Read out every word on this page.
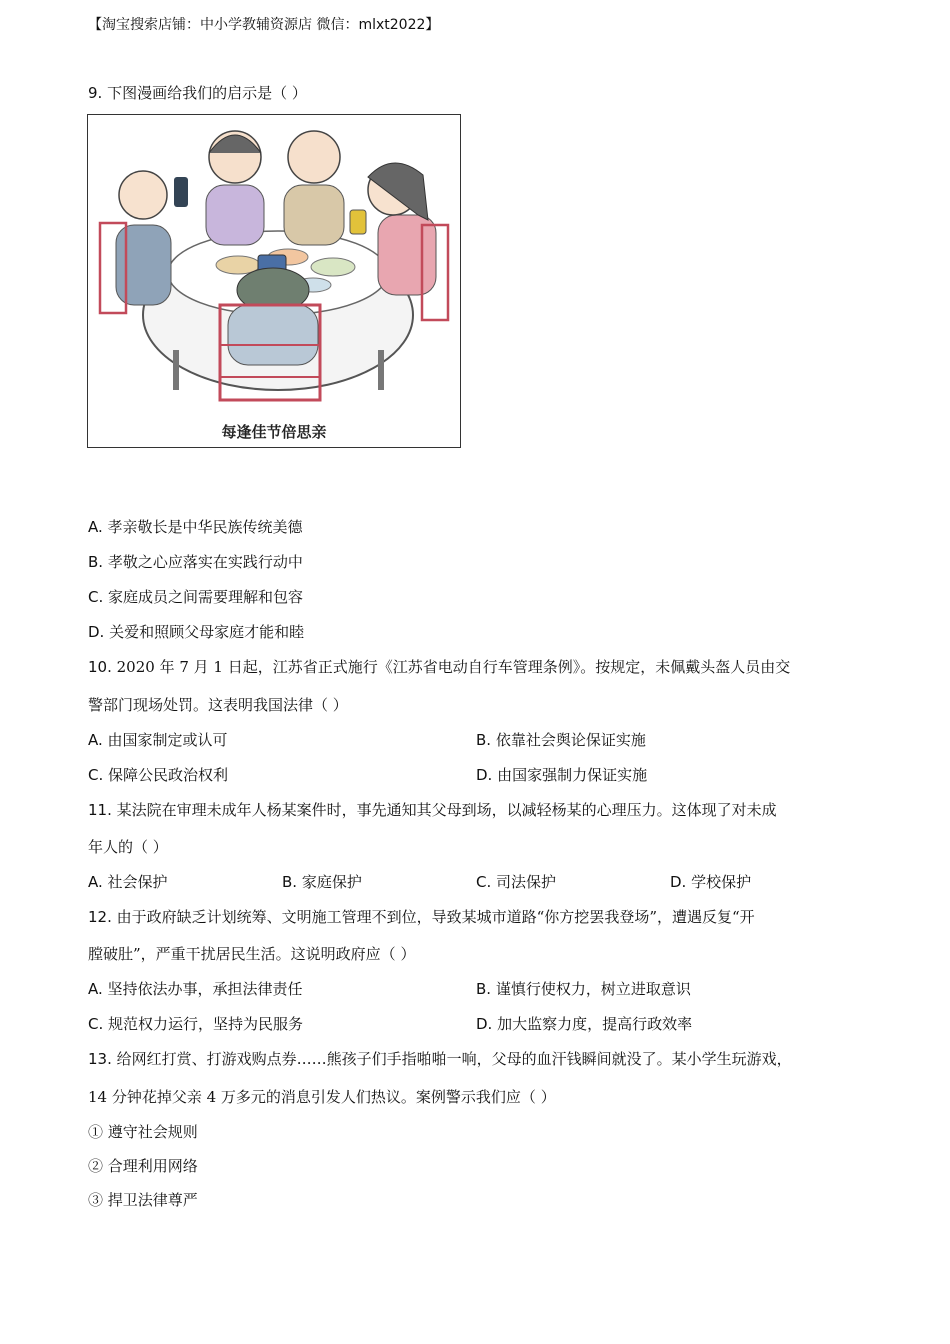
【淘宝搜索店铺：中小学教辅资源店 微信：mlxt2022】
9. 下图漫画给我们的启示是（ ）
每逢佳节倍思亲
A. 孝亲敬长是中华民族传统美德
B. 孝敬之心应落实在实践行动中
C. 家庭成员之间需要理解和包容
D. 关爱和照顾父母家庭才能和睦
10. 2020 年 7 月 1 日起，江苏省正式施行《江苏省电动自行车管理条例》。按规定，未佩戴头盔人员由交
警部门现场处罚。这表明我国法律（ ）
A. 由国家制定或认可	B. 依靠社会舆论保证实施
C. 保障公民政治权利	D. 由国家强制力保证实施
11. 某法院在审理未成年人杨某案件时，事先通知其父母到场，以减轻杨某的心理压力。这体现了对未成
年人的（ ）
A. 社会保护	B. 家庭保护	C. 司法保护	D. 学校保护
12. 由于政府缺乏计划统筹、文明施工管理不到位，导致某城市道路“你方挖罢我登场”，遭遇反复“开
膛破肚”，严重干扰居民生活。这说明政府应（ ）
A. 坚持依法办事，承担法律责任	B. 谨慎行使权力，树立进取意识
C. 规范权力运行，坚持为民服务	D. 加大监察力度，提高行政效率
13. 给网红打赏、打游戏购点券……熊孩子们手指啪啪一响，父母的血汗钱瞬间就没了。某小学生玩游戏，
14 分钟花掉父亲 4 万多元的消息引发人们热议。案例警示我们应（ ）
① 遵守社会规则
② 合理利用网络
③ 捍卫法律尊严
